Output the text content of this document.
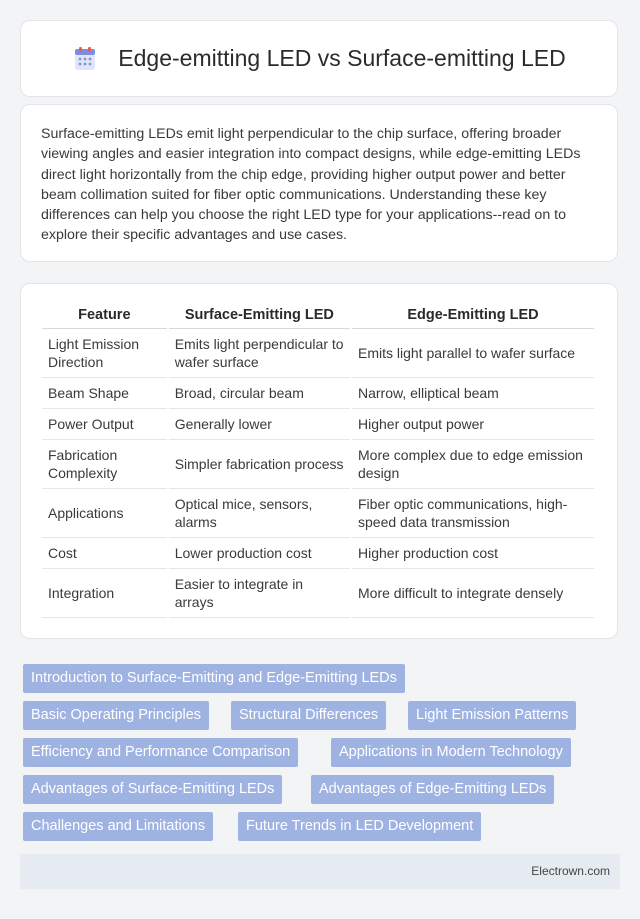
Edge-emitting LED vs Surface-emitting LED

Surface-emitting LEDs emit light perpendicular to the chip surface, offering broader viewing angles and easier integration into compact designs, while edge-emitting LEDs direct light horizontally from the chip edge, providing higher output power and better beam collimation suited for fiber optic communications. Understanding these key differences can help you choose the right LED type for your applications--read on to explore their specific advantages and use cases.

Feature	Surface-Emitting LED	Edge-Emitting LED
Light Emission Direction	Emits light perpendicular to wafer surface	Emits light parallel to wafer surface
Beam Shape	Broad, circular beam	Narrow, elliptical beam
Power Output	Generally lower	Higher output power
Fabrication Complexity	Simpler fabrication process	More complex due to edge emission design
Applications	Optical mice, sensors, alarms	Fiber optic communications, high-speed data transmission
Cost	Lower production cost	Higher production cost
Integration	Easier to integrate in arrays	More difficult to integrate densely
Introduction to Surface-Emitting and Edge-Emitting LEDs
Basic Operating Principles	Structural Differences	Light Emission Patterns
Efficiency and Performance Comparison	Applications in Modern Technology
Advantages of Surface-Emitting LEDs	Advantages of Edge-Emitting LEDs
Challenges and Limitations	Future Trends in LED Development
Electrown.com
